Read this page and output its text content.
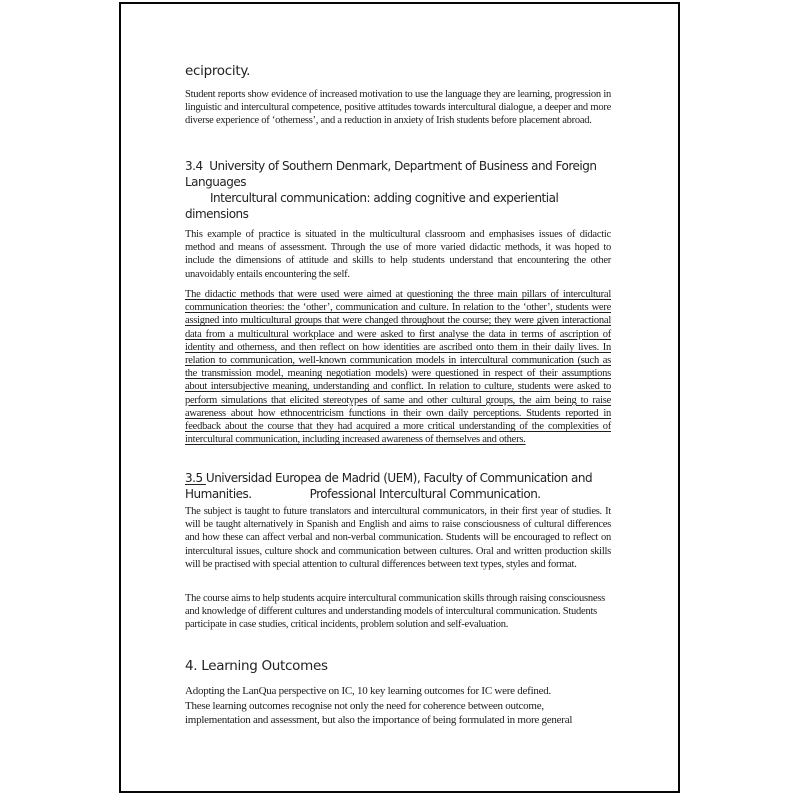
eciprocity.
Student reports show evidence of increased motivation to use the language they are learning, progression in linguistic and intercultural competence, positive attitudes towards intercultural dialogue, a deeper and more diverse experience of ‘otherness’, and a reduction in anxiety of Irish students before placement abroad.
3.4  University of Southern Denmark, Department of Business and Foreign
Languages
Intercultural communication: adding cognitive and experiential
dimensions
This example of practice is situated in the multicultural classroom and emphasises issues of didactic method and means of assessment. Through the use of more varied didactic methods, it was hoped to include the dimensions of attitude and skills to help students understand that encountering the other unavoidably entails encountering the self.
The didactic methods that were used were aimed at questioning the three main pillars of intercultural communication theories: the ‘other’, communication and culture. In relation to the ‘other’, students were assigned into multicultural groups that were changed throughout the course; they were given interactional data from a multicultural workplace and were asked to first analyse the data in terms of ascription of identity and otherness, and then reflect on how identities are ascribed onto them in their daily lives. In relation to communication, well-known communication models in intercultural communication (such as the transmission model, meaning negotiation models) were questioned in respect of their assumptions about intersubjective meaning, understanding and conflict. In relation to culture, students were asked to perform simulations that elicited stereotypes of same and other cultural groups, the aim being to raise awareness about how ethnocentricism functions in their own daily perceptions. Students reported in feedback about the course that they had acquired a more critical understanding of the complexities of intercultural communication, including increased awareness of themselves and others.
3.5 Universidad Europea de Madrid (UEM), Faculty of Communication and
Humanities.	Professional Intercultural Communication.
The subject is taught to future translators and intercultural communicators, in their first year of studies. It will be taught alternatively in Spanish and English and aims to raise consciousness of cultural differences and how these can affect verbal and non-verbal communication. Students will be encouraged to reflect on intercultural issues, culture shock and communication between cultures. Oral and written production skills will be practised with special attention to cultural differences between text types, styles and format.
The course aims to help students acquire intercultural communication skills through raising consciousness and knowledge of different cultures and understanding models of intercultural communication. Students participate in case studies, critical incidents, problem solution and self-evaluation.
4. Learning Outcomes
Adopting the LanQua perspective on IC, 10 key learning outcomes for IC were defined.
These learning outcomes recognise not only the need for coherence between outcome,
implementation and assessment, but also the importance of being formulated in more general
